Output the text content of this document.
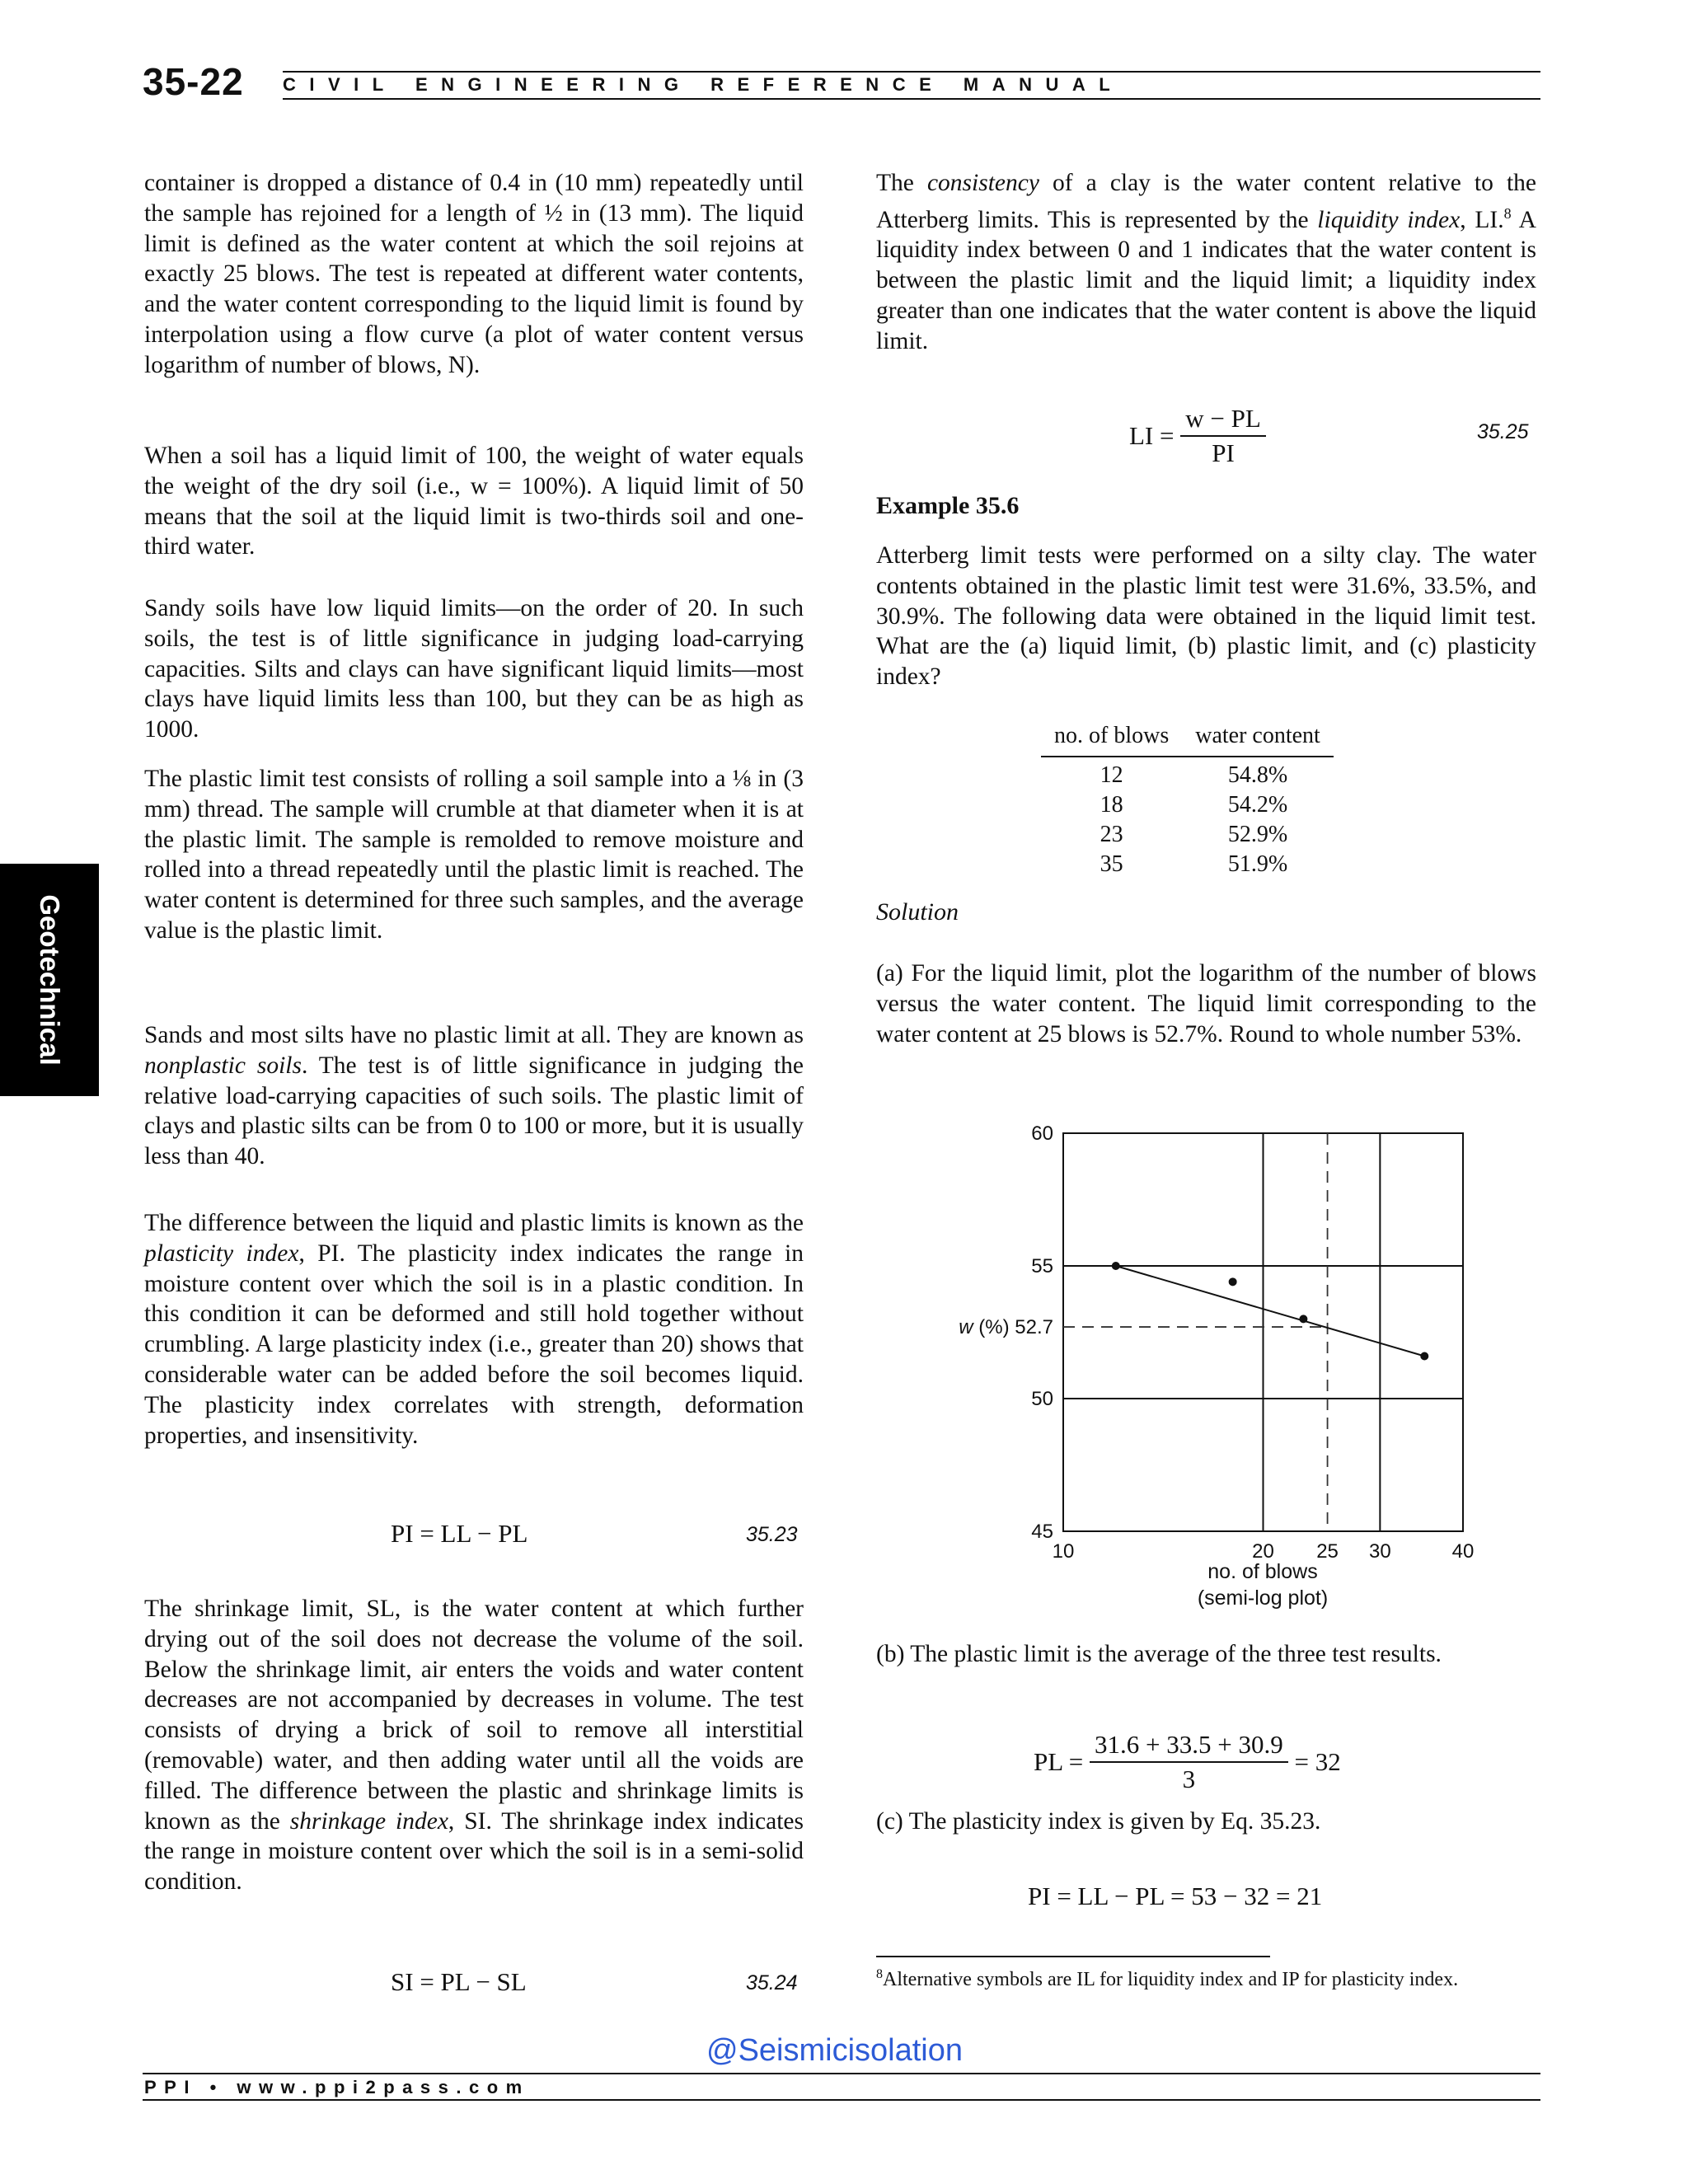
35-22 CIVIL ENGINEERING REFERENCE MANUAL
Geotechnical
container is dropped a distance of 0.4 in (10 mm) repeatedly until the sample has rejoined for a length of ½ in (13 mm). The liquid limit is defined as the water content at which the soil rejoins at exactly 25 blows. The test is repeated at different water contents, and the water content corresponding to the liquid limit is found by interpolation using a flow curve (a plot of water content versus logarithm of number of blows, N).
When a soil has a liquid limit of 100, the weight of water equals the weight of the dry soil (i.e., w = 100%). A liquid limit of 50 means that the soil at the liquid limit is two-thirds soil and one-third water.
Sandy soils have low liquid limits—on the order of 20. In such soils, the test is of little significance in judging load-carrying capacities. Silts and clays can have significant liquid limits—most clays have liquid limits less than 100, but they can be as high as 1000.
The plastic limit test consists of rolling a soil sample into a ⅛ in (3 mm) thread. The sample will crumble at that diameter when it is at the plastic limit. The sample is remolded to remove moisture and rolled into a thread repeatedly until the plastic limit is reached. The water content is determined for three such samples, and the average value is the plastic limit.
Sands and most silts have no plastic limit at all. They are known as nonplastic soils. The test is of little significance in judging the relative load-carrying capacities of such soils. The plastic limit of clays and plastic silts can be from 0 to 100 or more, but it is usually less than 40.
The difference between the liquid and plastic limits is known as the plasticity index, PI. The plasticity index indicates the range in moisture content over which the soil is in a plastic condition. In this condition it can be deformed and still hold together without crumbling. A large plasticity index (i.e., greater than 20) shows that considerable water can be added before the soil becomes liquid. The plasticity index correlates with strength, deformation properties, and insensitivity.
PI = LL − PL	35.23
The shrinkage limit, SL, is the water content at which further drying out of the soil does not decrease the volume of the soil. Below the shrinkage limit, air enters the voids and water content decreases are not accompanied by decreases in volume. The test consists of drying a brick of soil to remove all interstitial (removable) water, and then adding water until all the voids are filled. The difference between the plastic and shrinkage limits is known as the shrinkage index, SI. The shrinkage index indicates the range in moisture content over which the soil is in a semi-solid condition.
SI = PL − SL	35.24
The consistency of a clay is the water content relative to the Atterberg limits. This is represented by the liquidity index, LI.$^8$ A liquidity index between 0 and 1 indicates that the water content is between the plastic limit and the liquid limit; a liquidity index greater than one indicates that the water content is above the liquid limit.
LI = $\frac{w - PL}{PI}$	35.25
Example 35.6
Atterberg limit tests were performed on a silty clay. The water contents obtained in the plastic limit test were 31.6%, 33.5%, and 30.9%. The following data were obtained in the liquid limit test. What are the (a) liquid limit, (b) plastic limit, and (c) plasticity index?
no. of blows	water content
12	54.8%
18	54.2%
23	52.9%
35	51.9%
Solution
(a) For the liquid limit, plot the logarithm of the number of blows versus the water content. The liquid limit corresponding to the water content at 25 blows is 52.7%. Round to whole number 53%.
45
50
55
60
10	20 25 30	40
w (%) 52.7
no. of blows
(semi-log plot)
(b) The plastic limit is the average of the three test results.
PL = $\frac{31.6 + 33.5 + 30.9}{3} = 32$
(c) The plasticity index is given by Eq. 35.23.
PI = LL − PL = 53 − 32 = 21
$^8$Alternative symbols are IL for liquidity index and IP for plasticity index.
@Seismicisolation
PPI • www.ppi2pass.com
